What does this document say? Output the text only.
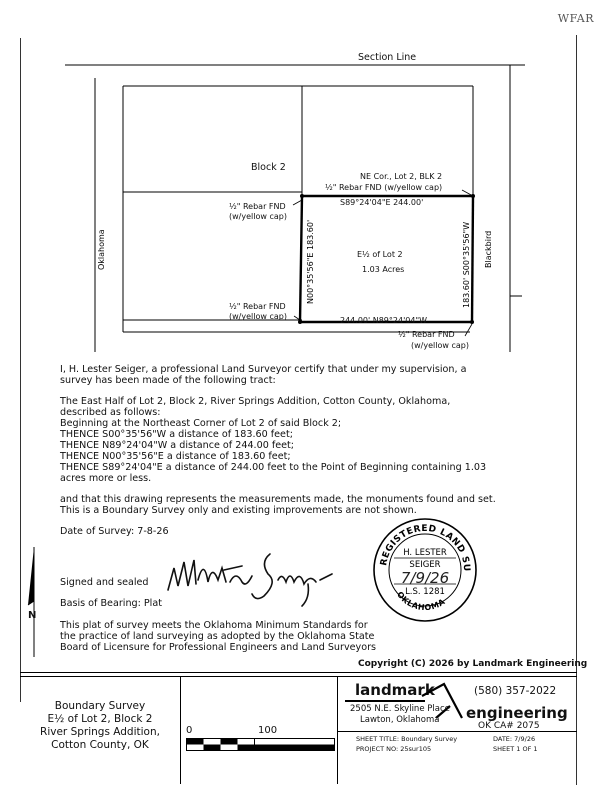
WFAR
Oklahoma	Blackbird
N00°35'56"E 183.60'	183.60' S00°35'56"W
Section Line
Block 2
NE Cor., Lot 2, BLK 2
½" Rebar FND (w/yellow cap)
S89°24'04"E 244.00'
½" Rebar FND
(w/yellow cap)
E½ of Lot 2
1.03 Acres
½" Rebar FND
(w/yellow cap)	244.00' N89°24'04"W
½" Rebar FND
(w/yellow cap)
I, H. Lester Seiger, a professional Land Surveyor certify that under my supervision, a
survey has been made of the following tract:
The East Half of Lot 2, Block 2, River Springs Addition, Cotton County, Oklahoma,
described as follows:
Beginning at the Northeast Corner of Lot 2 of said Block 2;
THENCE S00°35'56"W a distance of 183.60 feet;
THENCE N89°24'04"W a distance of 244.00 feet;
THENCE N00°35'56"E a distance of 183.60 feet;
THENCE S89°24'04"E a distance of 244.00 feet to the Point of Beginning containing 1.03
acres more or less.
and that this drawing represents the measurements made, the monuments found and set.
This is a Boundary Survey only and existing improvements are not shown.
Date of Survey: 7-8-26
Signed and sealed
Basis of Bearing: Plat
This plat of survey meets the Oklahoma Minimum Standards for
the practice of land surveying as adopted by the Oklahoma State
Board of Licensure for Professional Engineers and Land Surveyors
N
REGISTERED LAND SU
OKLAHOMA
H. LESTER
SEIGER
L.S. 1281
7/9/26
Copyright (C) 2026 by Landmark Engineering
Boundary Survey
E½ of Lot 2, Block 2
River Springs Addition,
Cotton County, OK
0	100
landmark	(580) 357-2022
2505 N.E. Skyline Place
Lawton, Oklahoma engineering
OK CA# 2075
SHEET TITLE: Boundary Survey
PROJECT NO: 25sur105
DATE: 7/9/26
SHEET 1 OF 1
